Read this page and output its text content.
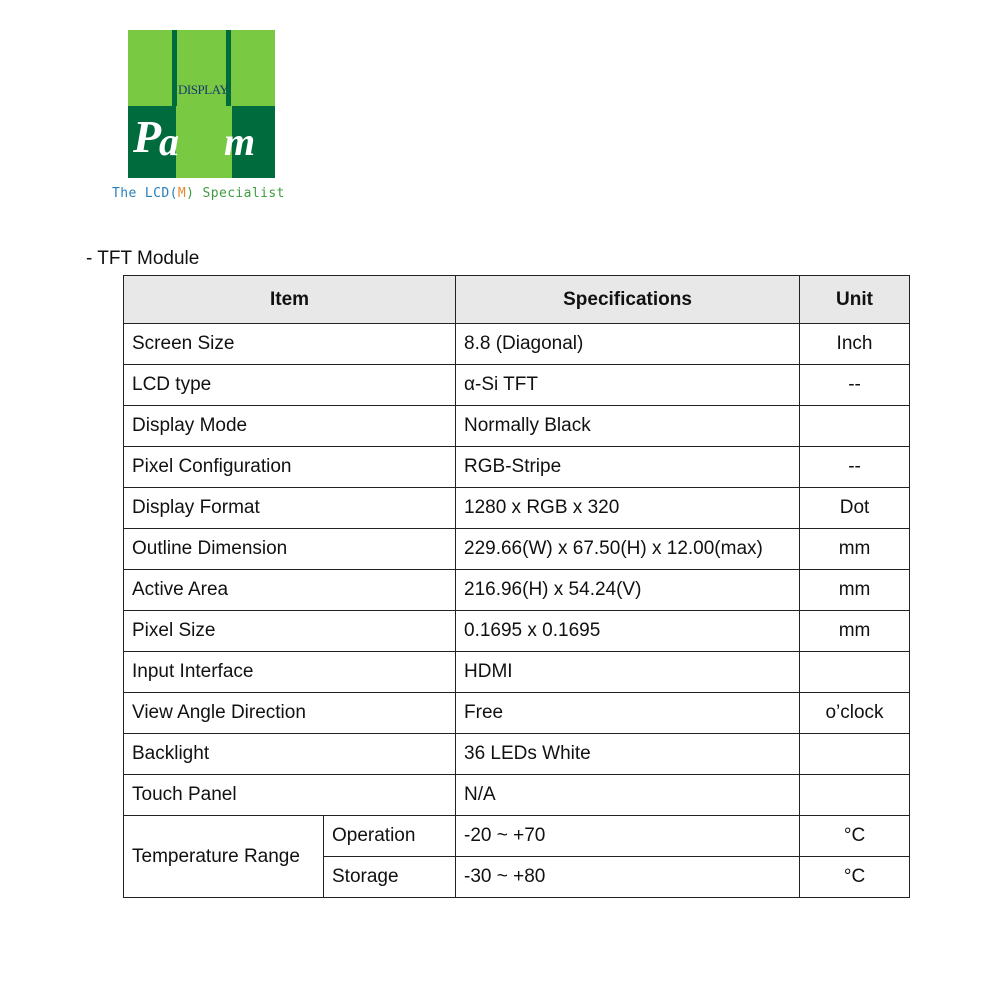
DISPLAY
P
a m
The LCD(M) Specialist
- TFT Module
Item		Specifications	Unit
Screen Size		8.8 (Diagonal)	Inch
LCD type		α-Si TFT	--
Display Mode		Normally Black	
Pixel Configuration		RGB-Stripe	--
Display Format		1280 x RGB x 320	Dot
Outline Dimension		229.66(W) x 67.50(H) x 12.00(max)	mm
Active Area		216.96(H) x 54.24(V)	mm
Pixel Size		0.1695 x 0.1695	mm
Input Interface		HDMI	
View Angle Direction		Free	o’clock
Backlight		36 LEDs White	
Touch Panel		N/A	
Temperature Range	Operation	-20 ~ +70	°C
	Storage	-30 ~ +80	°C
